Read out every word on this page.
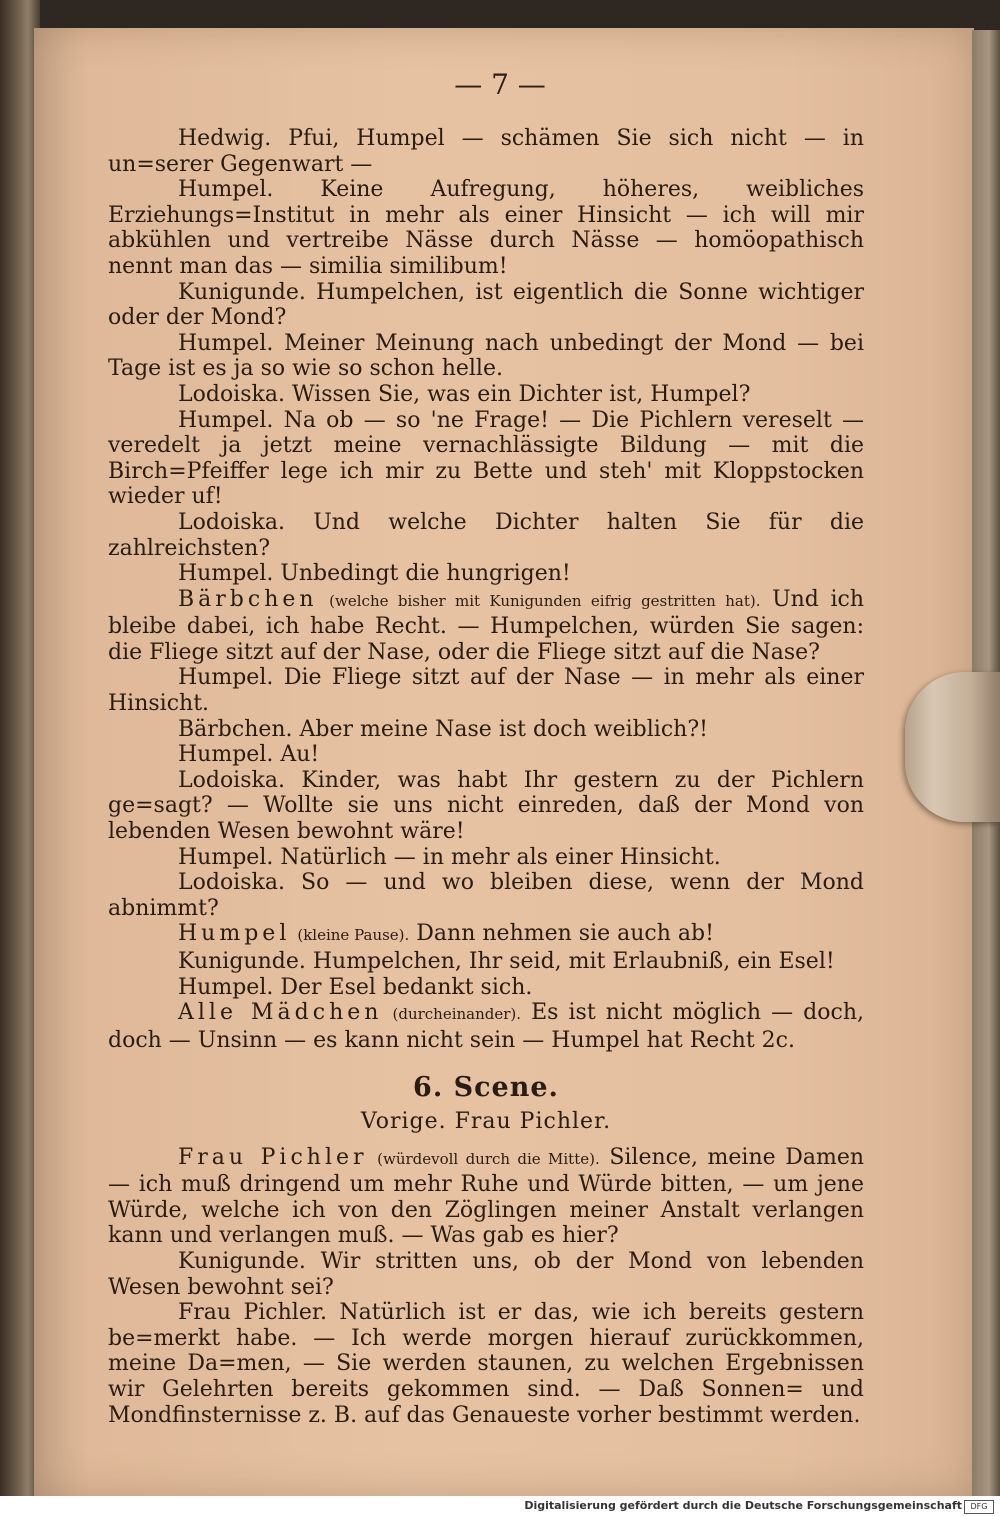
— 7 —

Hedwig. Pfui, Humpel — schämen Sie sich nicht — in un=serer Gegenwart —

Humpel. Keine Aufregung, höheres, weibliches Erziehungs=Institut in mehr als einer Hinsicht — ich will mir abkühlen und vertreibe Nässe durch Nässe — homöopathisch nennt man das — similia similibum!

Kunigunde. Humpelchen, ist eigentlich die Sonne wichtiger oder der Mond?

Humpel. Meiner Meinung nach unbedingt der Mond — bei Tage ist es ja so wie so schon helle.

Lodoiska. Wissen Sie, was ein Dichter ist, Humpel?

Humpel. Na ob — so 'ne Frage! — Die Pichlern vereselt — veredelt ja jetzt meine vernachlässigte Bildung — mit die Birch=Pfeiffer lege ich mir zu Bette und steh' mit Kloppstocken wieder uf!

Lodoiska. Und welche Dichter halten Sie für die zahlreichsten?

Humpel. Unbedingt die hungrigen!

Bärbchen (welche bisher mit Kunigunden eifrig gestritten hat). Und ich bleibe dabei, ich habe Recht. — Humpelchen, würden Sie sagen: die Fliege sitzt auf der Nase, oder die Fliege sitzt auf die Nase?

Humpel. Die Fliege sitzt auf der Nase — in mehr als einer Hinsicht.

Bärbchen. Aber meine Nase ist doch weiblich?!

Humpel. Au!

Lodoiska. Kinder, was habt Ihr gestern zu der Pichlern ge=sagt? — Wollte sie uns nicht einreden, daß der Mond von lebenden Wesen bewohnt wäre!

Humpel. Natürlich — in mehr als einer Hinsicht.

Lodoiska. So — und wo bleiben diese, wenn der Mond abnimmt?

Humpel (kleine Pause). Dann nehmen sie auch ab!

Kunigunde. Humpelchen, Ihr seid, mit Erlaubniß, ein Esel!

Humpel. Der Esel bedankt sich.

Alle Mädchen (durcheinander). Es ist nicht möglich — doch, doch — Unsinn — es kann nicht sein — Humpel hat Recht 2c.

6. Scene.
Vorige. Frau Pichler.

Frau Pichler (würdevoll durch die Mitte). Silence, meine Damen — ich muß dringend um mehr Ruhe und Würde bitten, — um jene Würde, welche ich von den Zöglingen meiner Anstalt verlangen kann und verlangen muß. — Was gab es hier?

Kunigunde. Wir stritten uns, ob der Mond von lebenden Wesen bewohnt sei?

Frau Pichler. Natürlich ist er das, wie ich bereits gestern be=merkt habe. — Ich werde morgen hierauf zurückkommen, meine Da=men, — Sie werden staunen, zu welchen Ergebnissen wir Gelehrten bereits gekommen sind. — Daß Sonnen= und Mondfinsternisse z. B. auf das Genaueste vorher bestimmt werden.

Digitalisierung gefördert durch die Deutsche Forschungsgemeinschaft	DFG
